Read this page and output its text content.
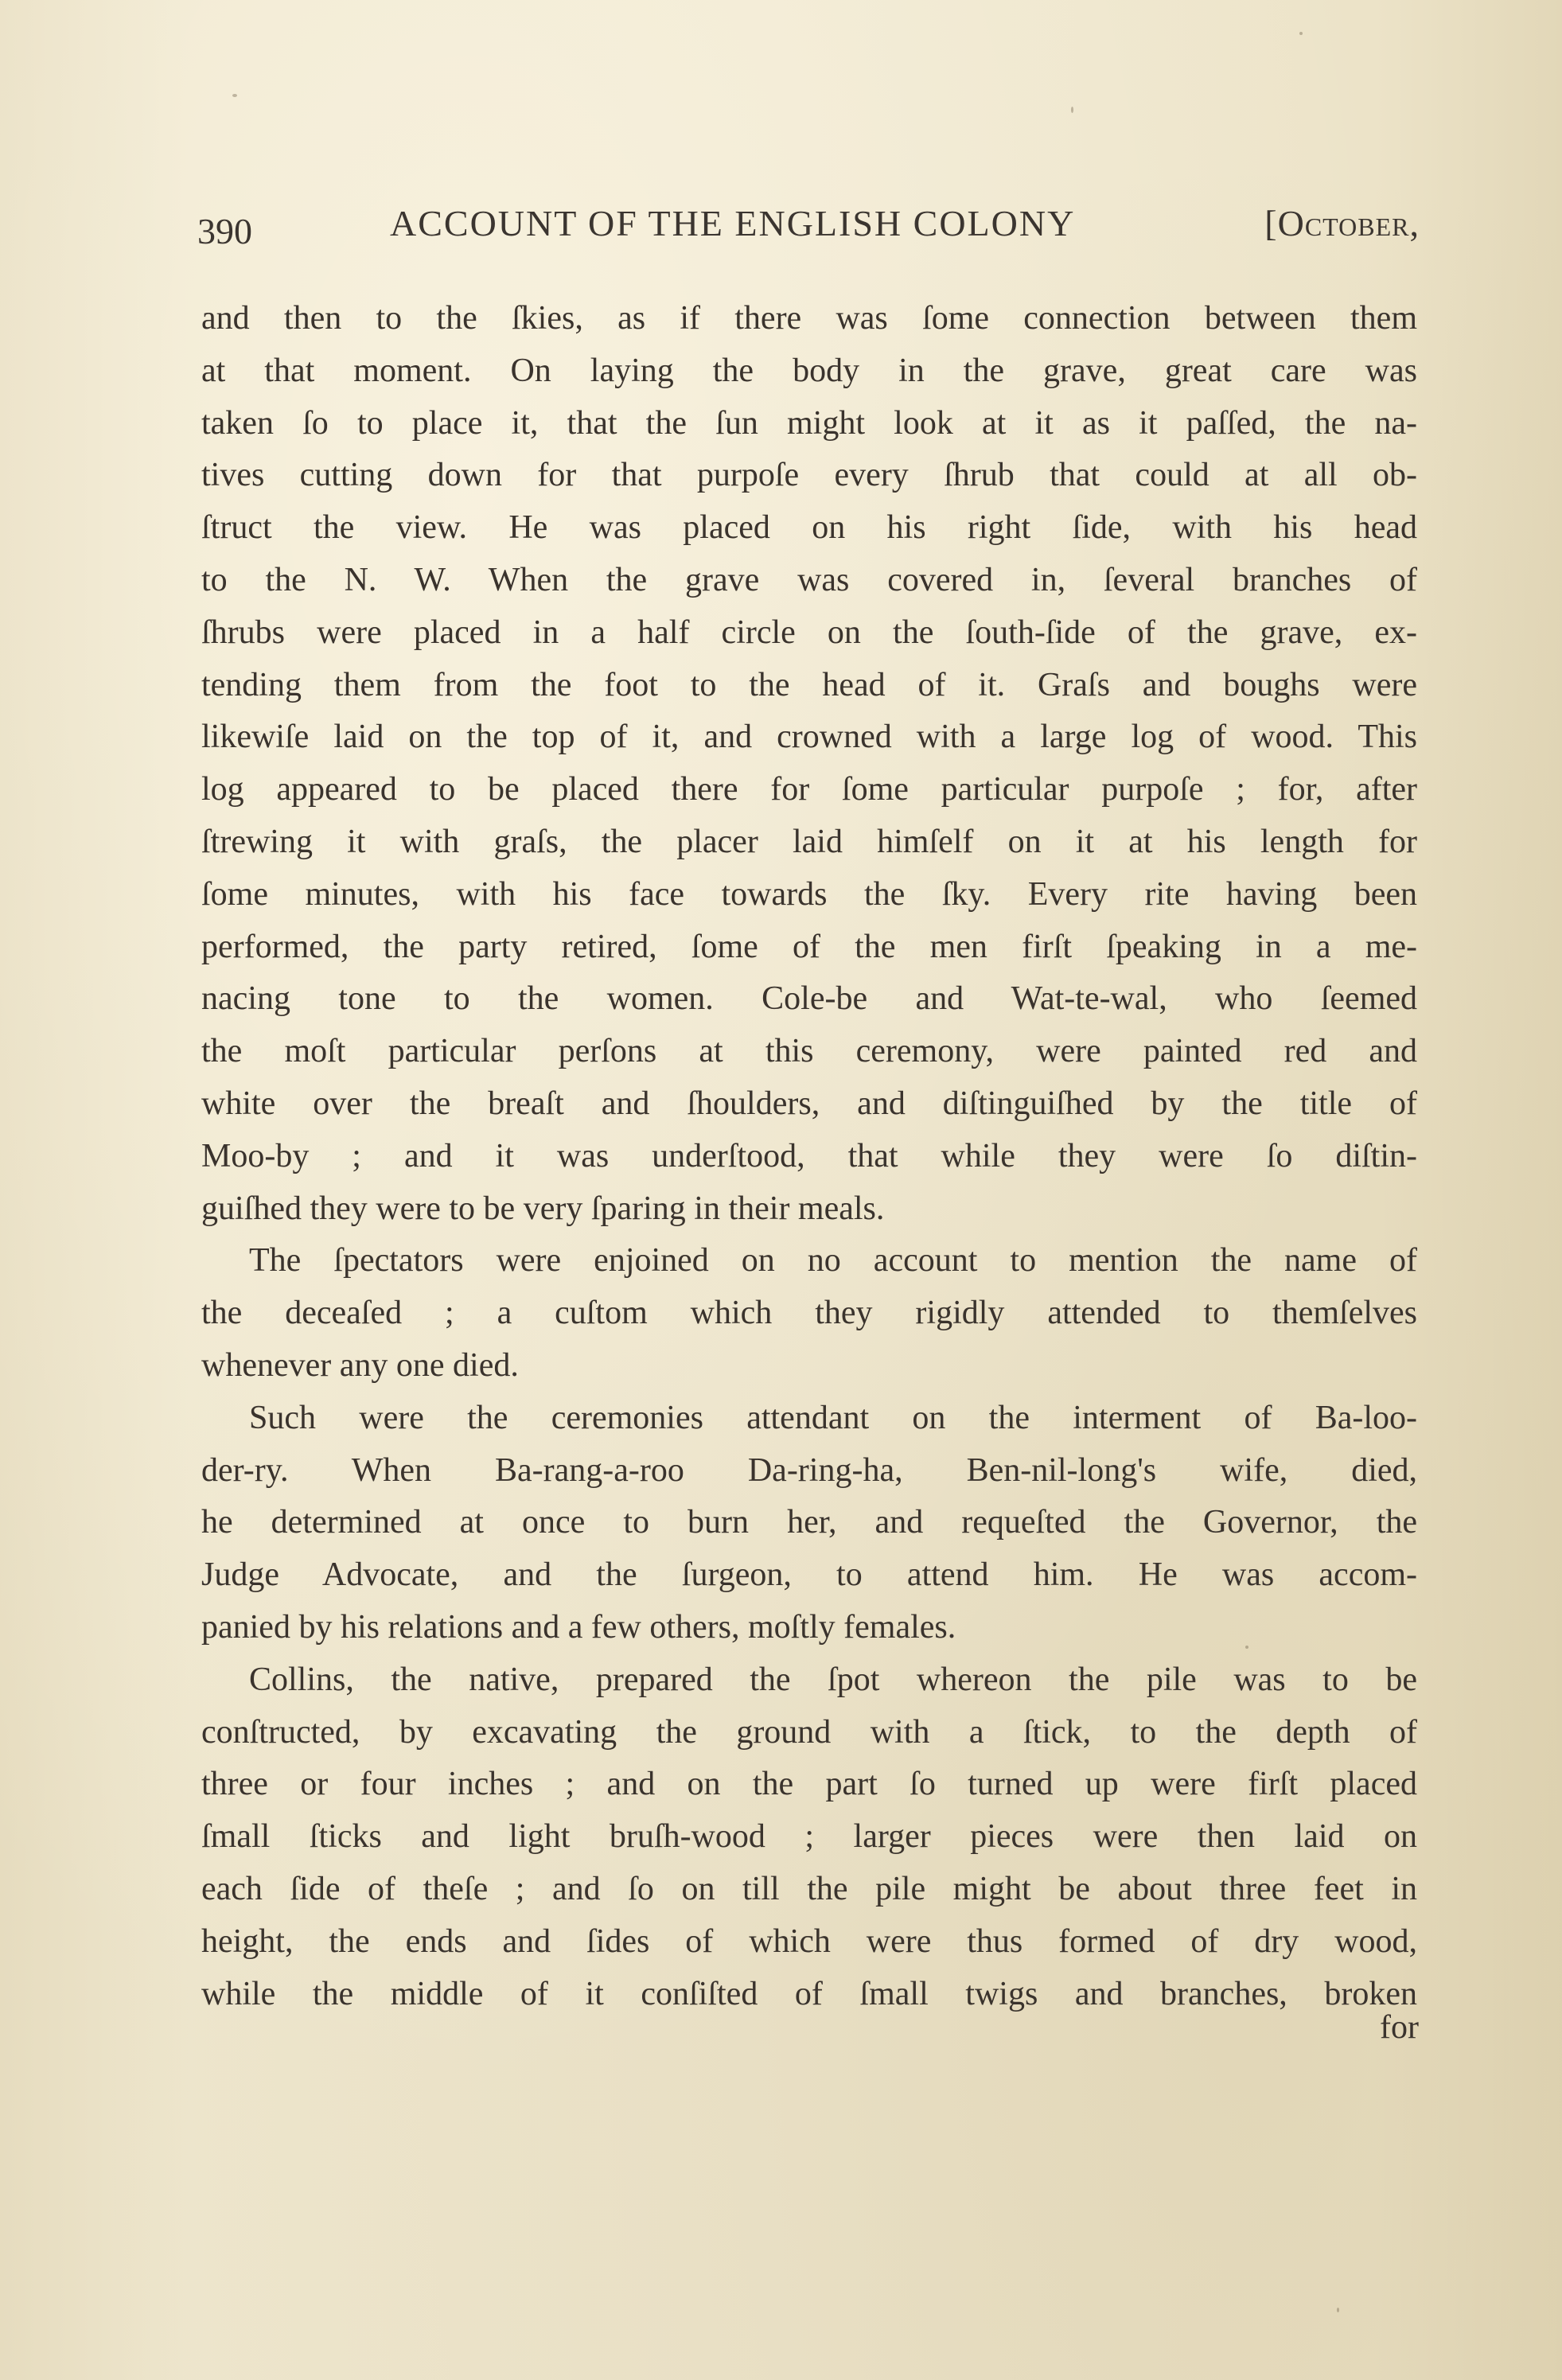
390	ACCOUNT OF THE ENGLISH COLONY	[October,
and then to the ſkies, as if there was ſome connection between them
at that moment. On laying the body in the grave, great care was
taken ſo to place it, that the ſun might look at it as it paſſed, the na-
tives cutting down for that purpoſe every ſhrub that could at all ob-
ſtruct the view. He was placed on his right ſide, with his head
to the N. W. When the grave was covered in, ſeveral branches of
ſhrubs were placed in a half circle on the ſouth-ſide of the grave, ex-
tending them from the foot to the head of it. Graſs and boughs were
likewiſe laid on the top of it, and crowned with a large log of wood. This
log appeared to be placed there for ſome particular purpoſe ; for, after
ſtrewing it with graſs, the placer laid himſelf on it at his length for
ſome minutes, with his face towards the ſky. Every rite having been
performed, the party retired, ſome of the men firſt ſpeaking in a me-
nacing tone to the women. Cole-be and Wat-te-wal, who ſeemed
the moſt particular perſons at this ceremony, were painted red and
white over the breaſt and ſhoulders, and diſtinguiſhed by the title of
Moo-by ; and it was underſtood, that while they were ſo diſtin-
guiſhed they were to be very ſparing in their meals.
The ſpectators were enjoined on no account to mention the name of
the deceaſed ; a cuſtom which they rigidly attended to themſelves
whenever any one died.
Such were the ceremonies attendant on the interment of Ba-loo-
der-ry. When Ba-rang-a-roo Da-ring-ha, Ben-nil-long's wife, died,
he determined at once to burn her, and requeſted the Governor, the
Judge Advocate, and the ſurgeon, to attend him. He was accom-
panied by his relations and a few others, moſtly females.
Collins, the native, prepared the ſpot whereon the pile was to be
conſtructed, by excavating the ground with a ſtick, to the depth of
three or four inches ; and on the part ſo turned up were firſt placed
ſmall ſticks and light bruſh-wood ; larger pieces were then laid on
each ſide of theſe ; and ſo on till the pile might be about three feet in
height, the ends and ſides of which were thus formed of dry wood,
while the middle of it conſiſted of ſmall twigs and branches, broken
for
